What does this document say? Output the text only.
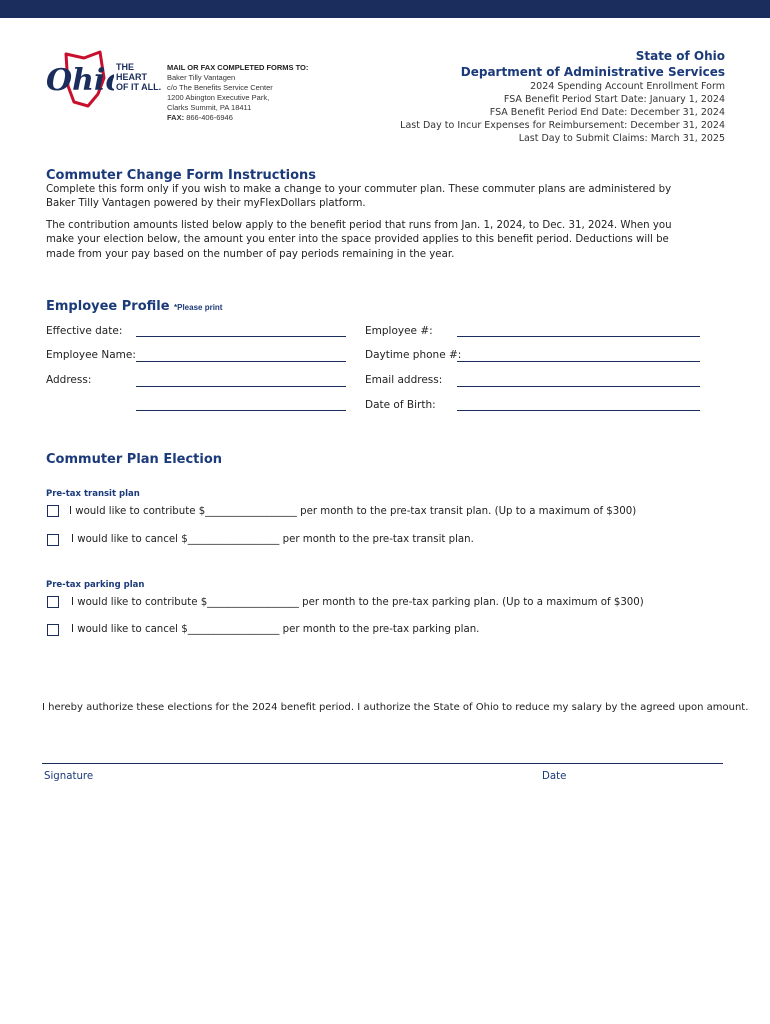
Ohi	THE
HEART
OF IT ALL.
MAIL OR FAX COMPLETED FORMS TO:
Baker Tilly Vantagen
c/o The Benefits Service Center
1200 Abington Executive Park,
Clarks Summit, PA 18411
FAX: 866-406-6946
State of Ohio
Department of Administrative Services
2024 Spending Account Enrollment Form
FSA Benefit Period Start Date: January 1, 2024
FSA Benefit Period End Date: December 31, 2024
Last Day to Incur Expenses for Reimbursement: December 31, 2024
Last Day to Submit Claims: March 31, 2025
Commuter Change Form Instructions
Complete this form only if you wish to make a change to your commuter plan. These commuter plans are administered by Baker Tilly Vantagen powered by their myFlexDollars platform.
The contribution amounts listed below apply to the benefit period that runs from Jan. 1, 2024, to Dec. 31, 2024. When you make your election below, the amount you enter into the space provided applies to this benefit period. Deductions will be made from your pay based on the number of pay periods remaining in the year.
Employee Profile *Please print
Effective date:	Employee #:
Employee Name:	Daytime phone #:
Address:	Email address:
Date of Birth:
Commuter Plan Election
Pre-tax transit plan
I would like to contribute $__________________ per month to the pre-tax transit plan. (Up to a maximum of $300)
I would like to cancel $__________________ per month to the pre-tax transit plan.
Pre-tax parking plan
I would like to contribute $__________________ per month to the pre-tax parking plan. (Up to a maximum of $300)
I would like to cancel $__________________ per month to the pre-tax parking plan.
I hereby authorize these elections for the 2024 benefit period. I authorize the State of Ohio to reduce my salary by the agreed upon amount.
Signature	Date
